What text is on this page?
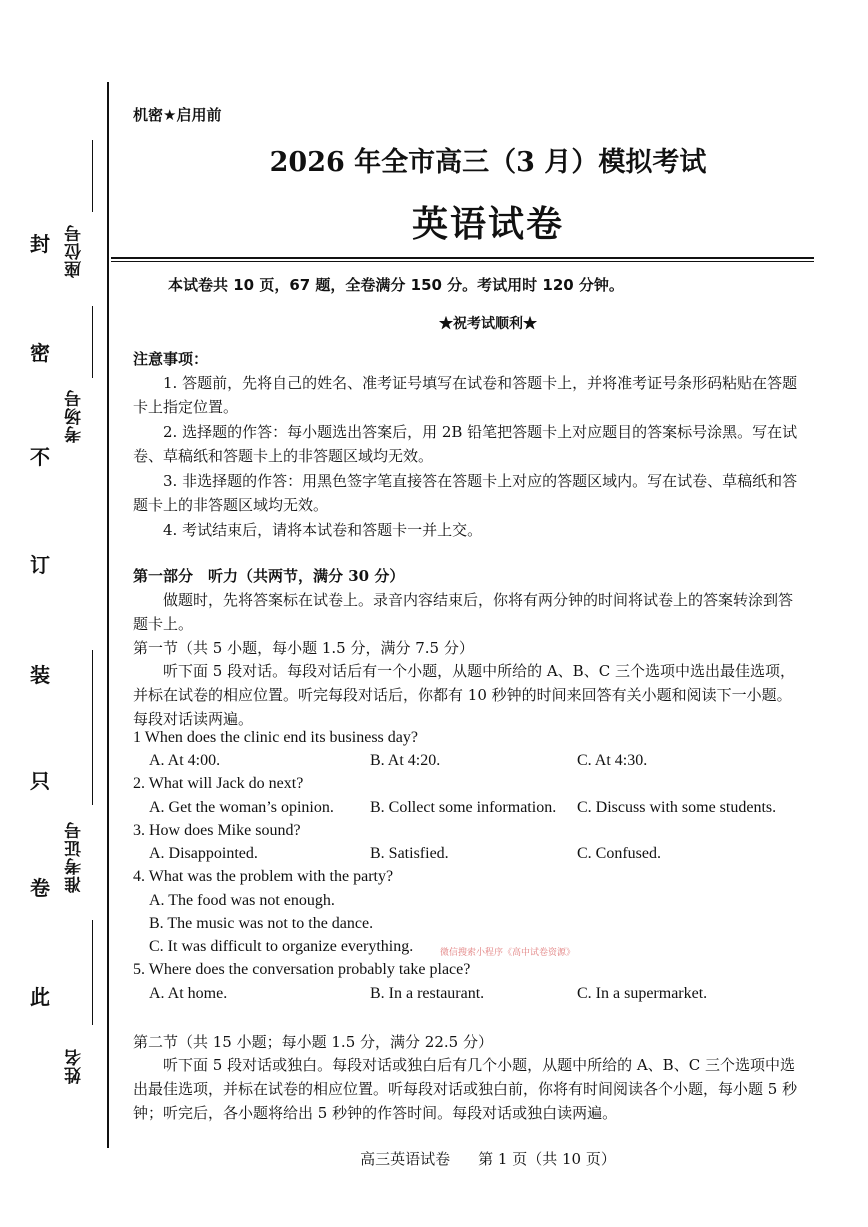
封
密
不
订
装
只
卷
此
座位号
考场号
准考证号
姓名
机密★启用前
2026 年全市高三（3 月）模拟考试
英语试卷
本试卷共 10 页，67 题，全卷满分 150 分。考试用时 120 分钟。
★祝考试顺利★
注意事项：
1. 答题前，先将自己的姓名、准考证号填写在试卷和答题卡上，并将准考证号条形码粘贴在答题卡上指定位置。
2. 选择题的作答：每小题选出答案后，用 2B 铅笔把答题卡上对应题目的答案标号涂黑。写在试卷、草稿纸和答题卡上的非答题区域均无效。
3. 非选择题的作答：用黑色签字笔直接答在答题卡上对应的答题区域内。写在试卷、草稿纸和答题卡上的非答题区域均无效。
4. 考试结束后，请将本试卷和答题卡一并上交。
第一部分　听力（共两节，满分 30 分）
做题时，先将答案标在试卷上。录音内容结束后，你将有两分钟的时间将试卷上的答案转涂到答题卡上。
第一节（共 5 小题，每小题 1.5 分，满分 7.5 分）
听下面 5 段对话。每段对话后有一个小题，从题中所给的 A、B、C 三个选项中选出最佳选项，并标在试卷的相应位置。听完每段对话后，你都有 10 秒钟的时间来回答有关小题和阅读下一小题。每段对话读两遍。
1 When does the clinic end its business day?
A. At 4:00.	B. At 4:20.	C. At 4:30.
2. What will Jack do next?
A. Get the woman’s opinion. B. Collect some information. C. Discuss with some students.
3. How does Mike sound?
A. Disappointed.	B. Satisfied.	C. Confused.
4. What was the problem with the party?
A. The food was not enough.
B. The music was not to the dance.
C. It was difficult to organize everything.	微信搜索小程序《高中试卷资源》
5. Where does the conversation probably take place?
A. At home.	B. In a restaurant.	C. In a supermarket.
第二节（共 15 小题；每小题 1.5 分，满分 22.5 分）
听下面 5 段对话或独白。每段对话或独白后有几个小题，从题中所给的 A、B、C 三个选项中选出最佳选项，并标在试卷的相应位置。听每段对话或独白前，你将有时间阅读各个小题，每小题 5 秒钟；听完后，各小题将给出 5 秒钟的作答时间。每段对话或独白读两遍。
高三英语试卷 第 1 页（共 10 页）
